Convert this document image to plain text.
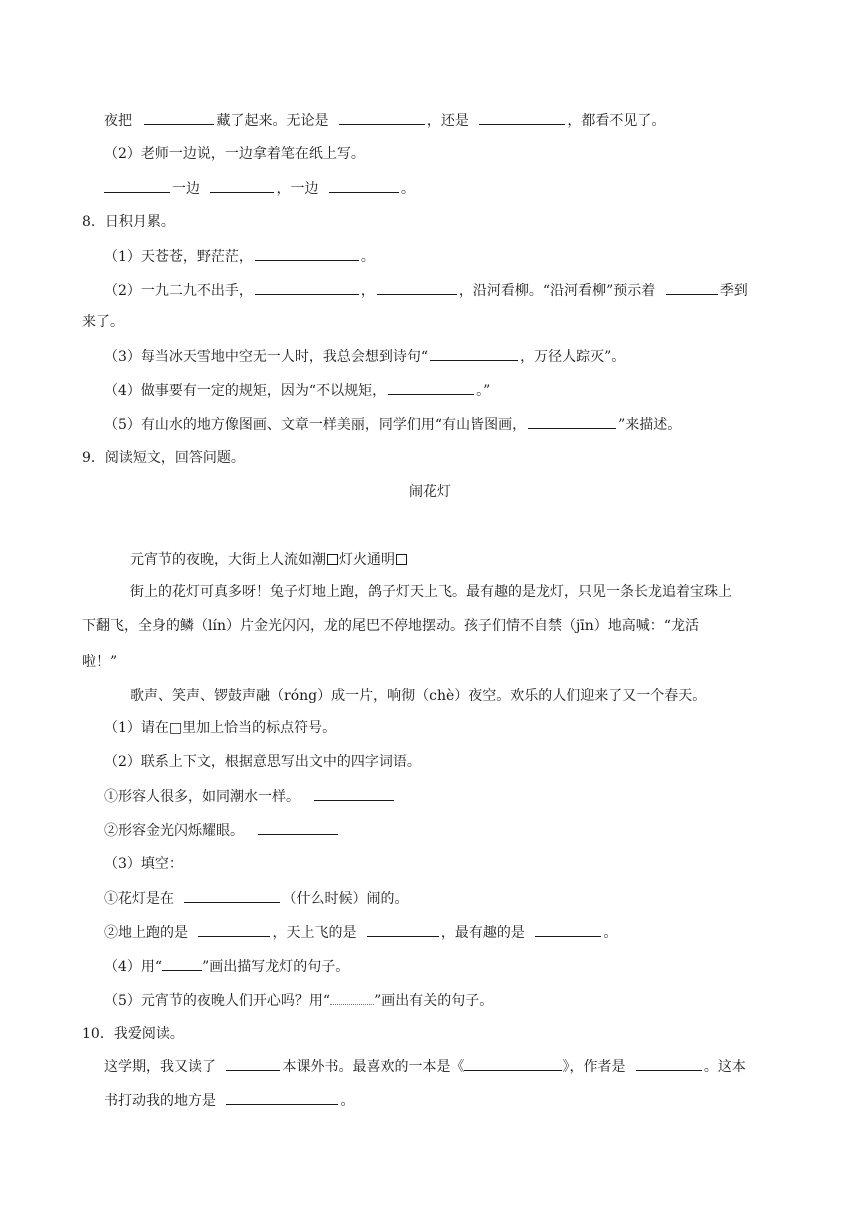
夜把	藏了起来。无论是	，还是	，都看不见了。
（2）老师一边说，一边拿着笔在纸上写。
一边	，一边	。
8．日积月累。
（1）天苍苍，野茫茫，	。
（2）一九二九不出手，	，	，沿河看柳。“沿河看柳”预示着	季到
来了。
（3）每当冰天雪地中空无一人时，我总会想到诗句“	，万径人踪灭”。
（4）做事要有一定的规矩，因为“不以规矩，	。”
（5）有山水的地方像图画、文章一样美丽，同学们用“有山皆图画，	”来描述。
9．阅读短文，回答问题。
闹花灯
元宵节的夜晚，大街上人流如潮 灯火通明
街上的花灯可真多呀！兔子灯地上跑，鸽子灯天上飞。最有趣的是龙灯，只见一条长龙追着宝珠上
下翻飞，全身的鳞（lín）片金光闪闪，龙的尾巴不停地摆动。孩子们情不自禁（jīn）地高喊：“龙活
啦！”
歌声、笑声、锣鼓声融（róng）成一片，响彻（chè）夜空。欢乐的人们迎来了又一个春天。
（1）请在□里加上恰当的标点符号。
（2）联系上下文，根据意思写出文中的四字词语。
①形容人很多，如同潮水一样。
②形容金光闪烁耀眼。
（3）填空：
①花灯是在	（什么时候）闹的。
②地上跑的是	，天上飞的是	，最有趣的是	。
（4）用“	”画出描写龙灯的句子。
（5）元宵节的夜晚人们开心吗？用“	”画出有关的句子。
10．我爱阅读。
这学期，我又读了	本课外书。最喜欢的一本是《	》，作者是	。这本
书打动我的地方是	。
